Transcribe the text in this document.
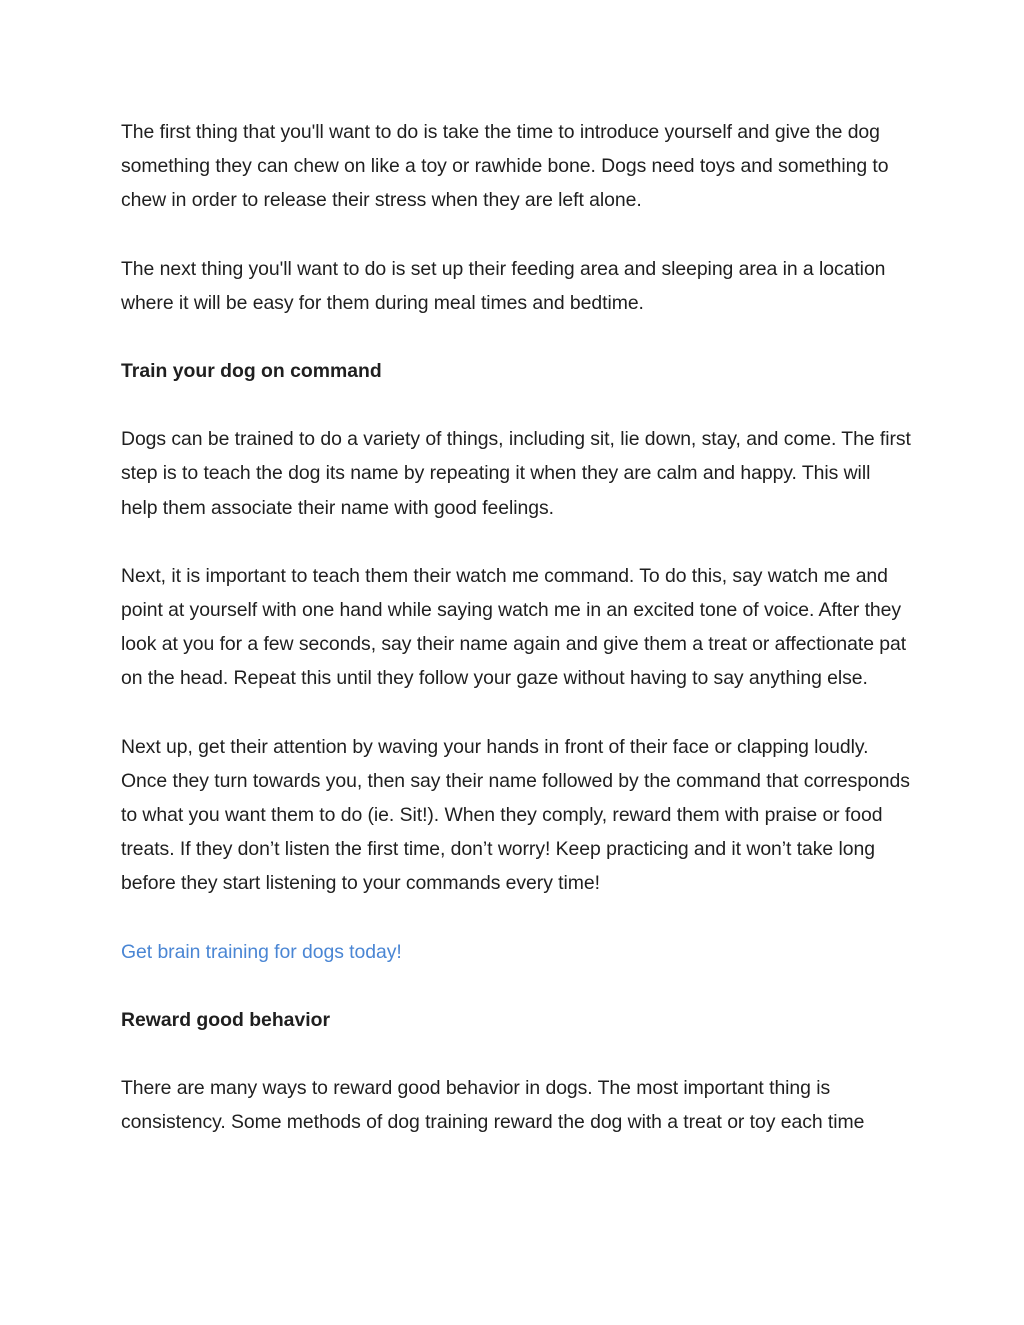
The first thing that you'll want to do is take the time to introduce yourself and give the dog something they can chew on like a toy or rawhide bone. Dogs need toys and something to chew in order to release their stress when they are left alone.

The next thing you'll want to do is set up their feeding area and sleeping area in a location where it will be easy for them during meal times and bedtime.

Train your dog on command

Dogs can be trained to do a variety of things, including sit, lie down, stay, and come. The first step is to teach the dog its name by repeating it when they are calm and happy. This will help them associate their name with good feelings.

Next, it is important to teach them their watch me command. To do this, say watch me and point at yourself with one hand while saying watch me in an excited tone of voice. After they look at you for a few seconds, say their name again and give them a treat or affectionate pat on the head. Repeat this until they follow your gaze without having to say anything else.

Next up, get their attention by waving your hands in front of their face or clapping loudly. Once they turn towards you, then say their name followed by the command that corresponds to what you want them to do (ie. Sit!). When they comply, reward them with praise or food treats. If they don’t listen the first time, don’t worry! Keep practicing and it won’t take long before they start listening to your commands every time!

Get brain training for dogs today!

Reward good behavior

There are many ways to reward good behavior in dogs. The most important thing is consistency. Some methods of dog training reward the dog with a treat or toy each time
